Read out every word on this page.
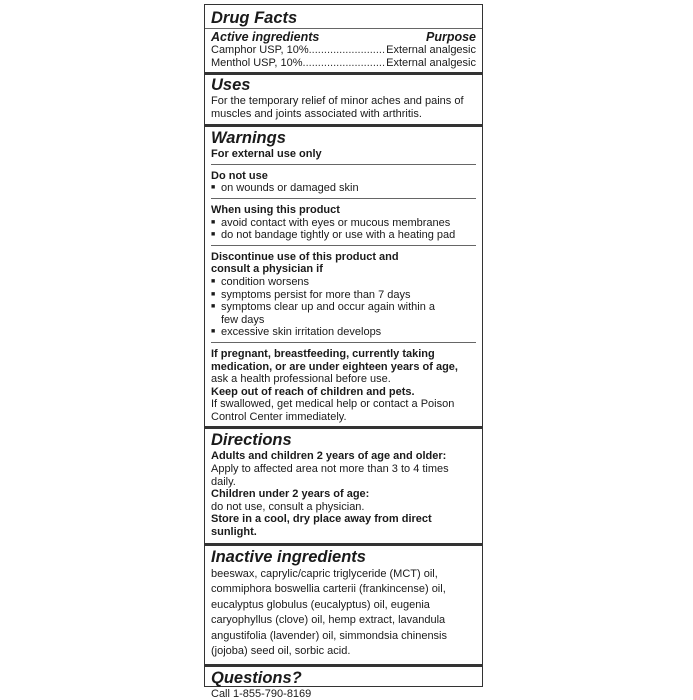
Drug Facts
Active ingredients	Purpose
Camphor USP, 10% .....	External analgesic
Menthol USP, 10% .....	External analgesic
Uses
For the temporary relief of minor aches and pains of muscles and joints associated with arthritis.
Warnings
For external use only
Do not use
■ on wounds or damaged skin
When using this product
■ avoid contact with eyes or mucous membranes
■ do not bandage tightly or use with a heating pad
Discontinue use of this product and consult a physician if
■ condition worsens
■ symptoms persist for more than 7 days
■ symptoms clear up and occur again within a few days
■ excessive skin irritation develops
If pregnant, breastfeeding, currently taking medication, or are under eighteen years of age, ask a health professional before use.
Keep out of reach of children and pets.
If swallowed, get medical help or contact a Poison Control Center immediately.
Directions
Adults and children 2 years of age and older:
Apply to affected area not more than 3 to 4 times daily.
Children under 2 years of age:
do not use, consult a physician.
Store in a cool, dry place away from direct sunlight.
Inactive ingredients
beeswax, caprylic/capric triglyceride (MCT) oil, commiphora boswellia carterii (frankincense) oil, eucalyptus globulus (eucalyptus) oil, eugenia caryophyllus (clove) oil, hemp extract, lavandula angustifolia (lavender) oil, simmondsia chinensis (jojoba) seed oil, sorbic acid.
Questions?
Call 1-855-790-8169
